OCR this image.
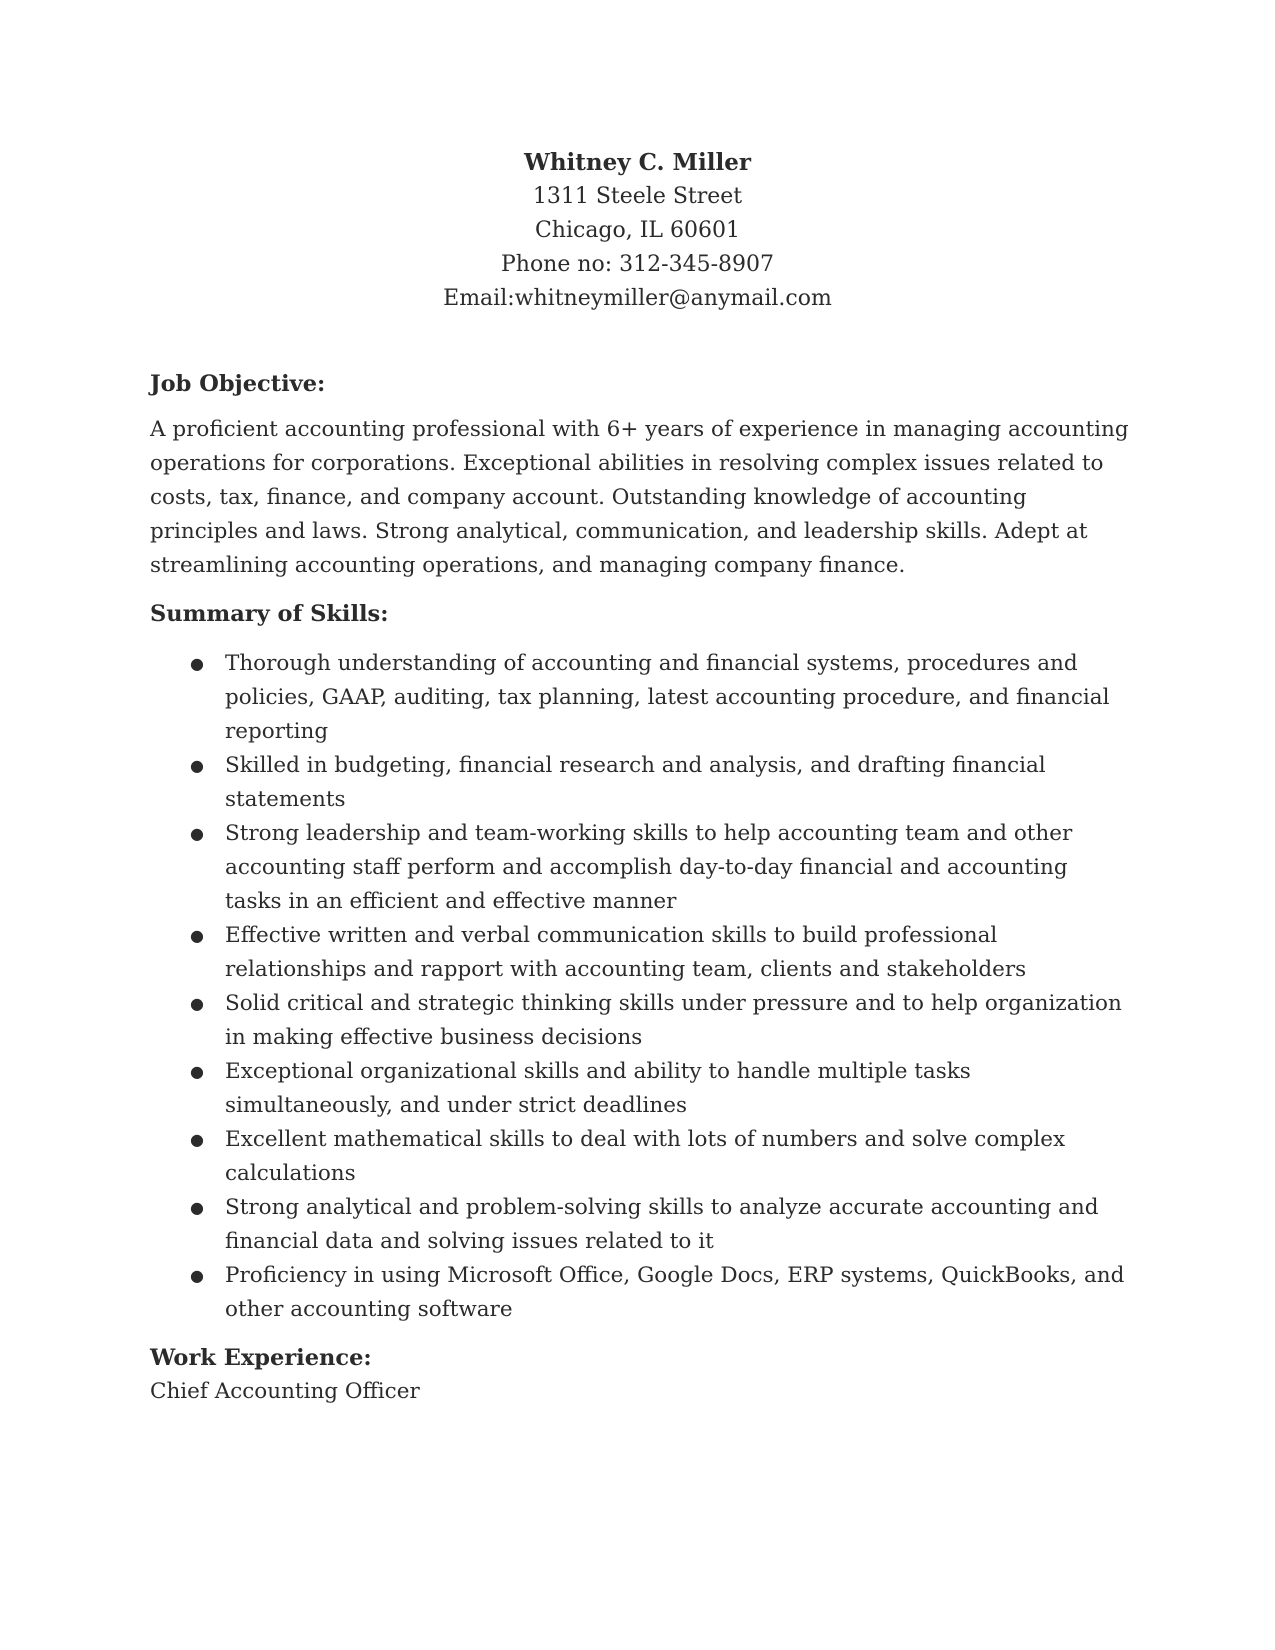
Whitney C. Miller
1311 Steele Street
Chicago, IL 60601
Phone no: 312-345-8907
Email:whitneymiller@anymail.com
Job Objective:

A proficient accounting professional with 6+ years of experience in managing accounting operations for corporations. Exceptional abilities in resolving complex issues related to costs, tax, finance, and company account. Outstanding knowledge of accounting principles and laws. Strong analytical, communication, and leadership skills. Adept at streamlining accounting operations, and managing company finance.

Summary of Skills:
● Thorough understanding of accounting and financial systems, procedures and policies, GAAP, auditing, tax planning, latest accounting procedure, and financial reporting
● Skilled in budgeting, financial research and analysis, and drafting financial statements
● Strong leadership and team-working skills to help accounting team and other accounting staff perform and accomplish day-to-day financial and accounting tasks in an efficient and effective manner
● Effective written and verbal communication skills to build professional relationships and rapport with accounting team, clients and stakeholders
● Solid critical and strategic thinking skills under pressure and to help organization in making effective business decisions
● Exceptional organizational skills and ability to handle multiple tasks simultaneously, and under strict deadlines
● Excellent mathematical skills to deal with lots of numbers and solve complex calculations
● Strong analytical and problem-solving skills to analyze accurate accounting and financial data and solving issues related to it
● Proficiency in using Microsoft Office, Google Docs, ERP systems, QuickBooks, and other accounting software
Work Experience:

Chief Accounting Officer
